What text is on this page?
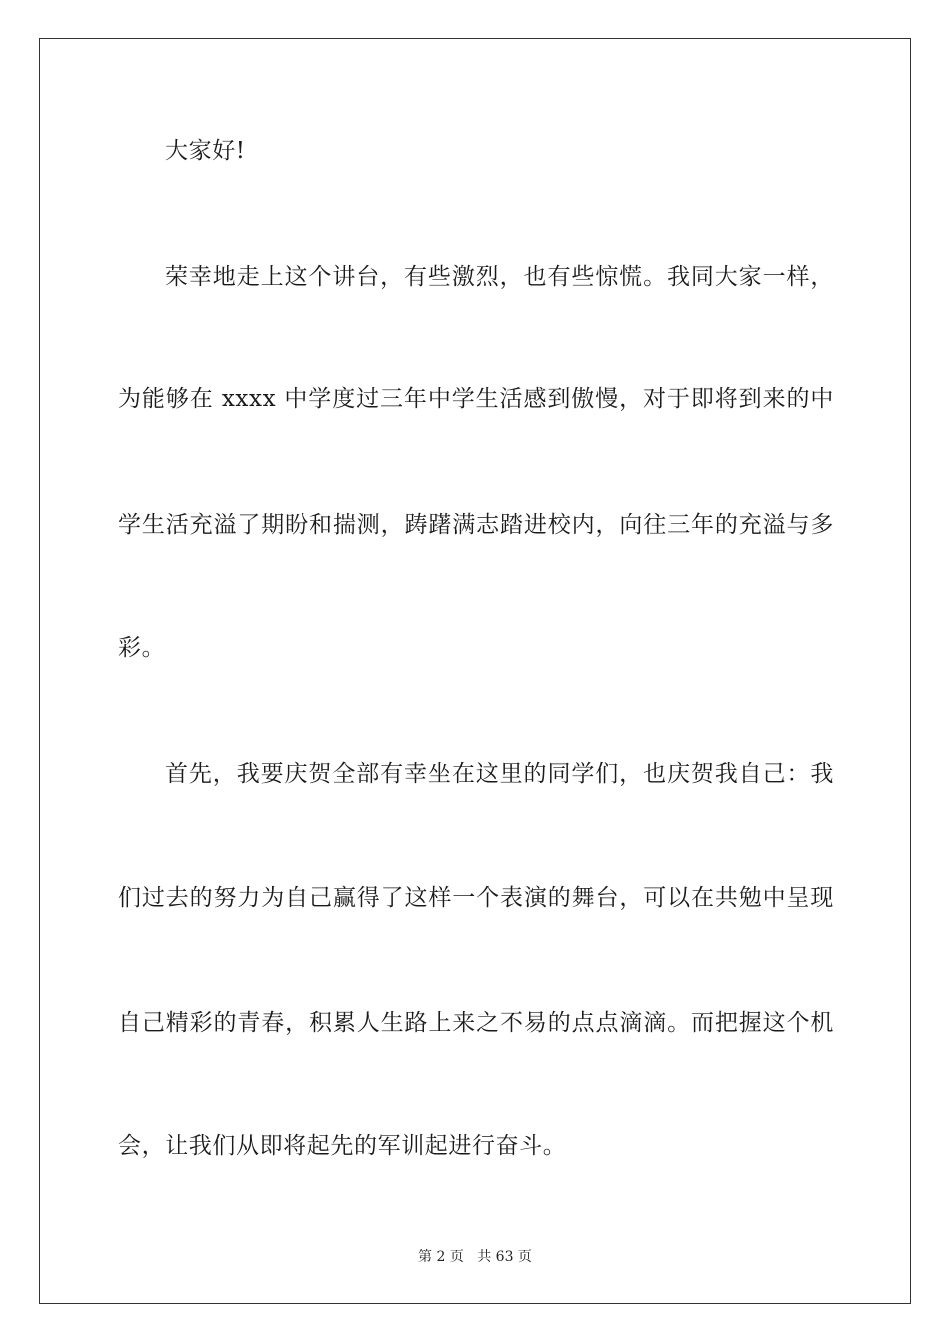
大家好!
荣幸地走上这个讲台，有些激烈，也有些惊慌。我同大家一样，
为能够在 xxxx 中学度过三年中学生活感到傲慢，对于即将到来的中
学生活充溢了期盼和揣测，踌躇满志踏进校内，向往三年的充溢与多
彩。
首先，我要庆贺全部有幸坐在这里的同学们，也庆贺我自己：我
们过去的努力为自己赢得了这样一个表演的舞台，可以在共勉中呈现
自己精彩的青春，积累人生路上来之不易的点点滴滴。而把握这个机
会，让我们从即将起先的军训起进行奋斗。
第 2 页 共 63 页
